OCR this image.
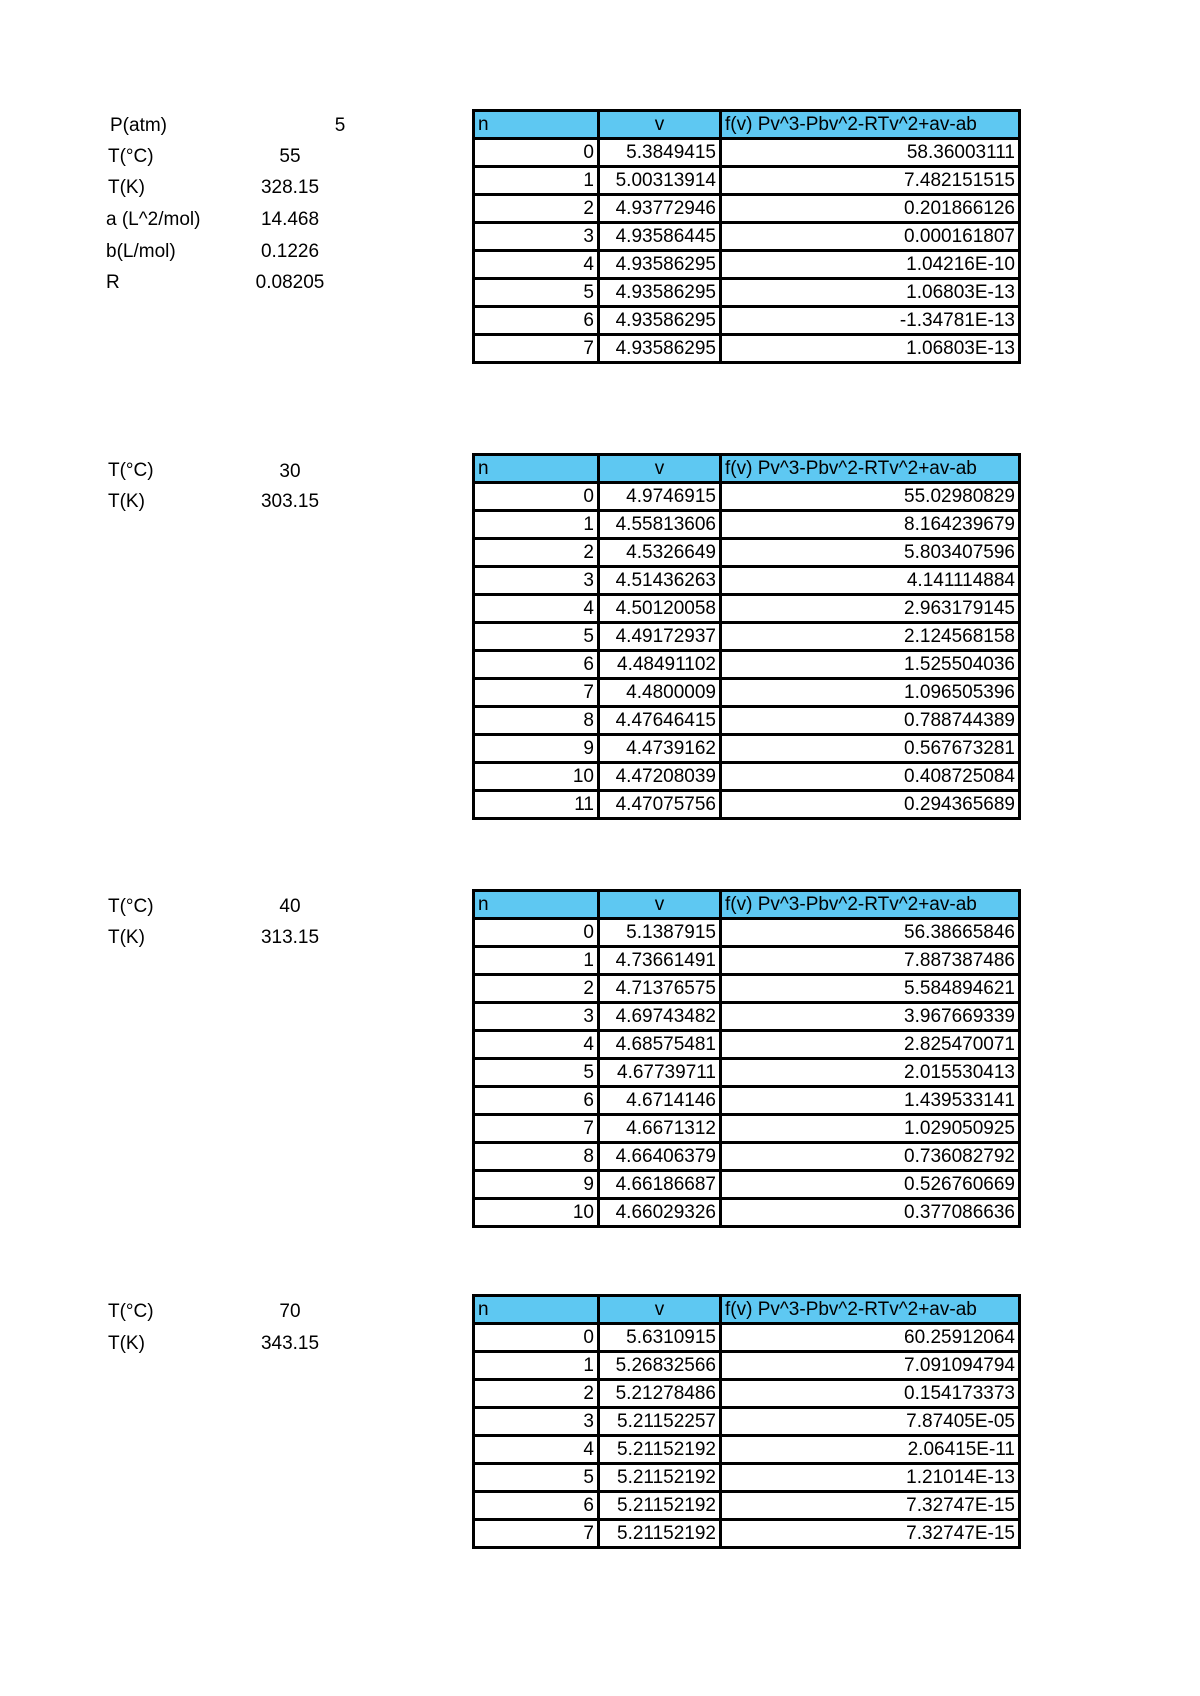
P(atm)	5
T(°C)	55
T(K)	328.15
a (L^2/mol)	14.468
b(L/mol)	0.1226
R	0.08205
T(°C)	30
T(K)	303.15
T(°C)	40
T(K)	313.15
T(°C)	70
T(K)	343.15
n	v	f(v) Pv^3-Pbv^2-RTv^2+av-ab
0	5.3849415	58.36003111
1	5.00313914	7.482151515
2	4.93772946	0.201866126
3	4.93586445	0.000161807
4	4.93586295	1.04216E-10
5	4.93586295	1.06803E-13
6	4.93586295	-1.34781E-13
7	4.93586295	1.06803E-13
n	v	f(v) Pv^3-Pbv^2-RTv^2+av-ab
0	4.9746915	55.02980829
1	4.55813606	8.164239679
2	4.5326649	5.803407596
3	4.51436263	4.141114884
4	4.50120058	2.963179145
5	4.49172937	2.124568158
6	4.48491102	1.525504036
7	4.4800009	1.096505396
8	4.47646415	0.788744389
9	4.4739162	0.567673281
10	4.47208039	0.408725084
11	4.47075756	0.294365689
n	v	f(v) Pv^3-Pbv^2-RTv^2+av-ab
0	5.1387915	56.38665846
1	4.73661491	7.887387486
2	4.71376575	5.584894621
3	4.69743482	3.967669339
4	4.68575481	2.825470071
5	4.67739711	2.015530413
6	4.6714146	1.439533141
7	4.6671312	1.029050925
8	4.66406379	0.736082792
9	4.66186687	0.526760669
10	4.66029326	0.377086636
n	v	f(v) Pv^3-Pbv^2-RTv^2+av-ab
0	5.6310915	60.25912064
1	5.26832566	7.091094794
2	5.21278486	0.154173373
3	5.21152257	7.87405E-05
4	5.21152192	2.06415E-11
5	5.21152192	1.21014E-13
6	5.21152192	7.32747E-15
7	5.21152192	7.32747E-15
